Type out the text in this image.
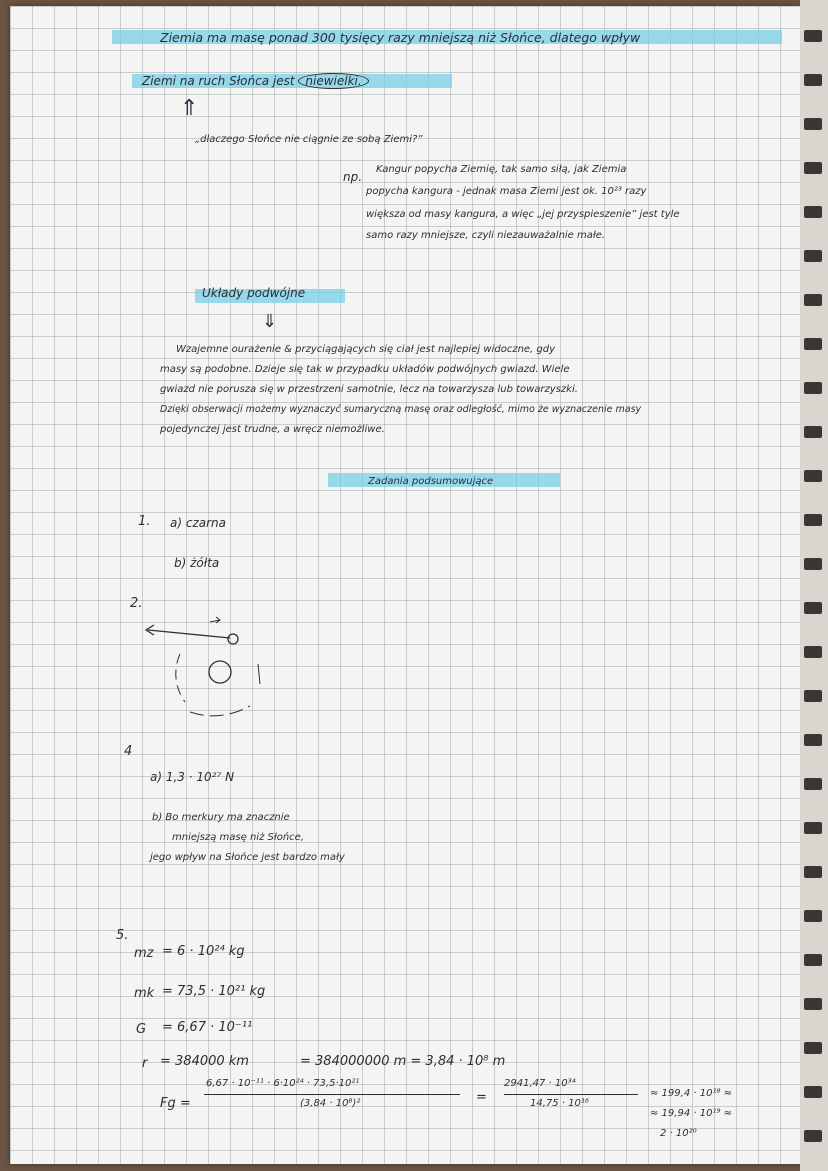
Ziemia ma masę ponad 300 tysięcy razy mniejszą niż Słońce, dlatego wpływ
Ziemi na ruch Słońca jest niewielki.
⇑
„dlaczego Słońce nie ciągnie ze sobą Ziemi?”
np.
Kangur popycha Ziemię, tak samo siłą, jak Ziemia
popycha kangura - jednak masa Ziemi jest ok. 10²³ razy
większa od masy kangura, a więc „jej przyspieszenie” jest tyle
samo razy mniejsze, czyli niezauważalnie małe.
Układy podwójne
⇓
Wzajemne ourażenie & przyciągających się ciał jest najlepiej widoczne, gdy
masy są podobne. Dzieje się tak w przypadku układów podwójnych gwiazd. Wiele
gwiazd nie porusza się w przestrzeni samotnie, lecz na towarzysza lub towarzyszki.
Dzięki obserwacji możemy wyznaczyć sumaryczną masę oraz odległość, mimo że wyznaczenie masy
pojedynczej jest trudne, a wręcz niemożliwe.
Zadania podsumowujące
1. a) czarna
b) żółta
2.
4
a) 1,3 · 10²⁷ N
b) Bo merkury ma znacznie
mniejszą masę niż Słońce,
jego wpływ na Słońce jest bardzo mały
5.
mz = 6 · 10²⁴ kg
mk = 73,5 · 10²¹ kg
G = 6,67 · 10⁻¹¹
r = 384000 km	= 384000000 m = 3,84 · 10⁸ m
Fg =
6,67 · 10⁻¹¹ · 6·10²⁴ · 73,5·10²¹
(3,84 · 10⁸)²	=
2941,47 · 10³⁴
14,75 · 10¹⁶
≈ 199,4 · 10¹⁸ ≈
≈ 19,94 · 10¹⁹ ≈
2 · 10²⁰
